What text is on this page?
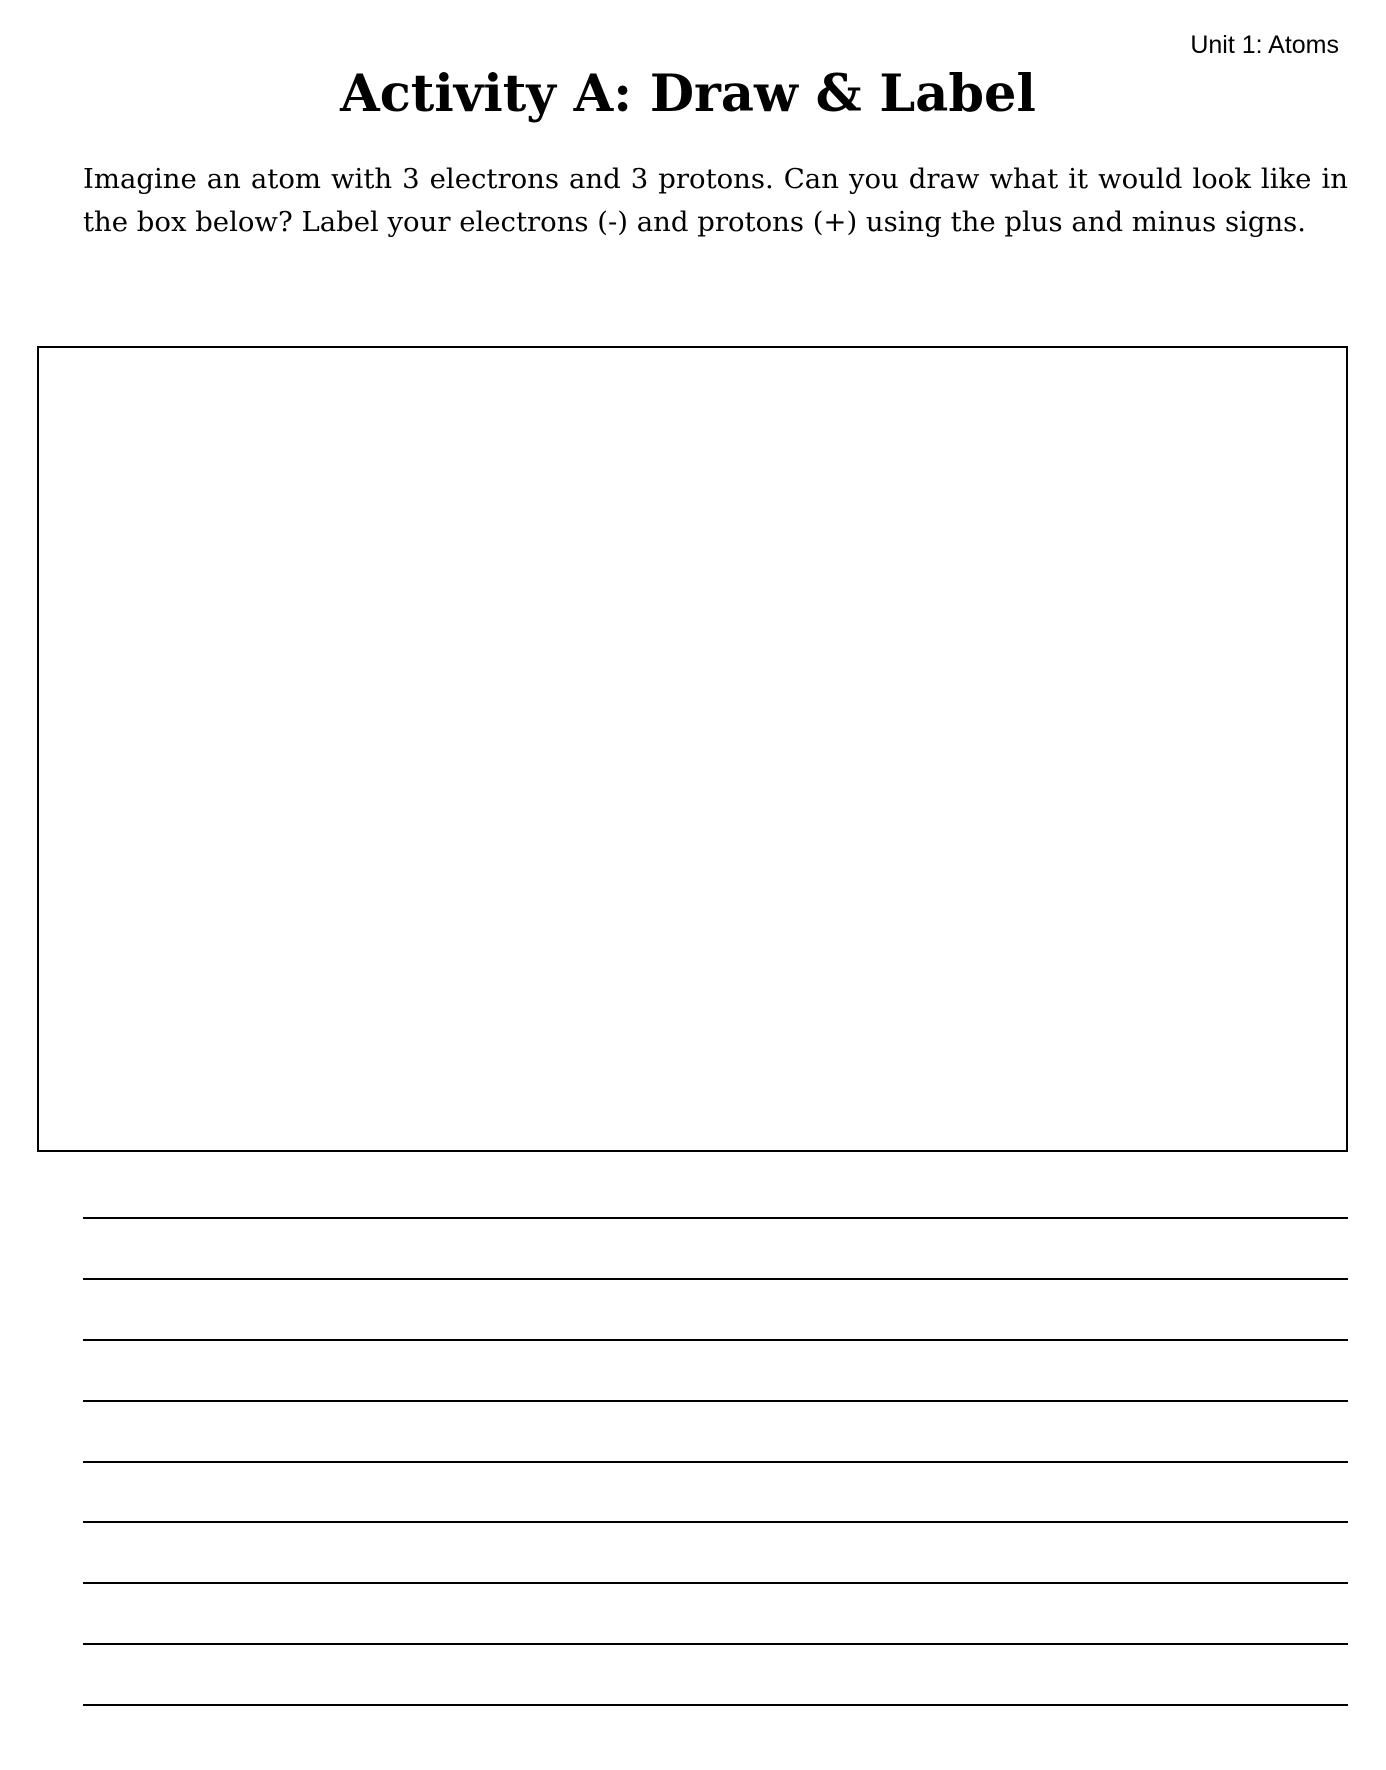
Unit 1: Atoms
Activity A: Draw & Label

Imagine an atom with 3 electrons and 3 protons. Can you draw what it would look like in the box below? Label your electrons (-) and protons (+) using the plus and minus signs.
